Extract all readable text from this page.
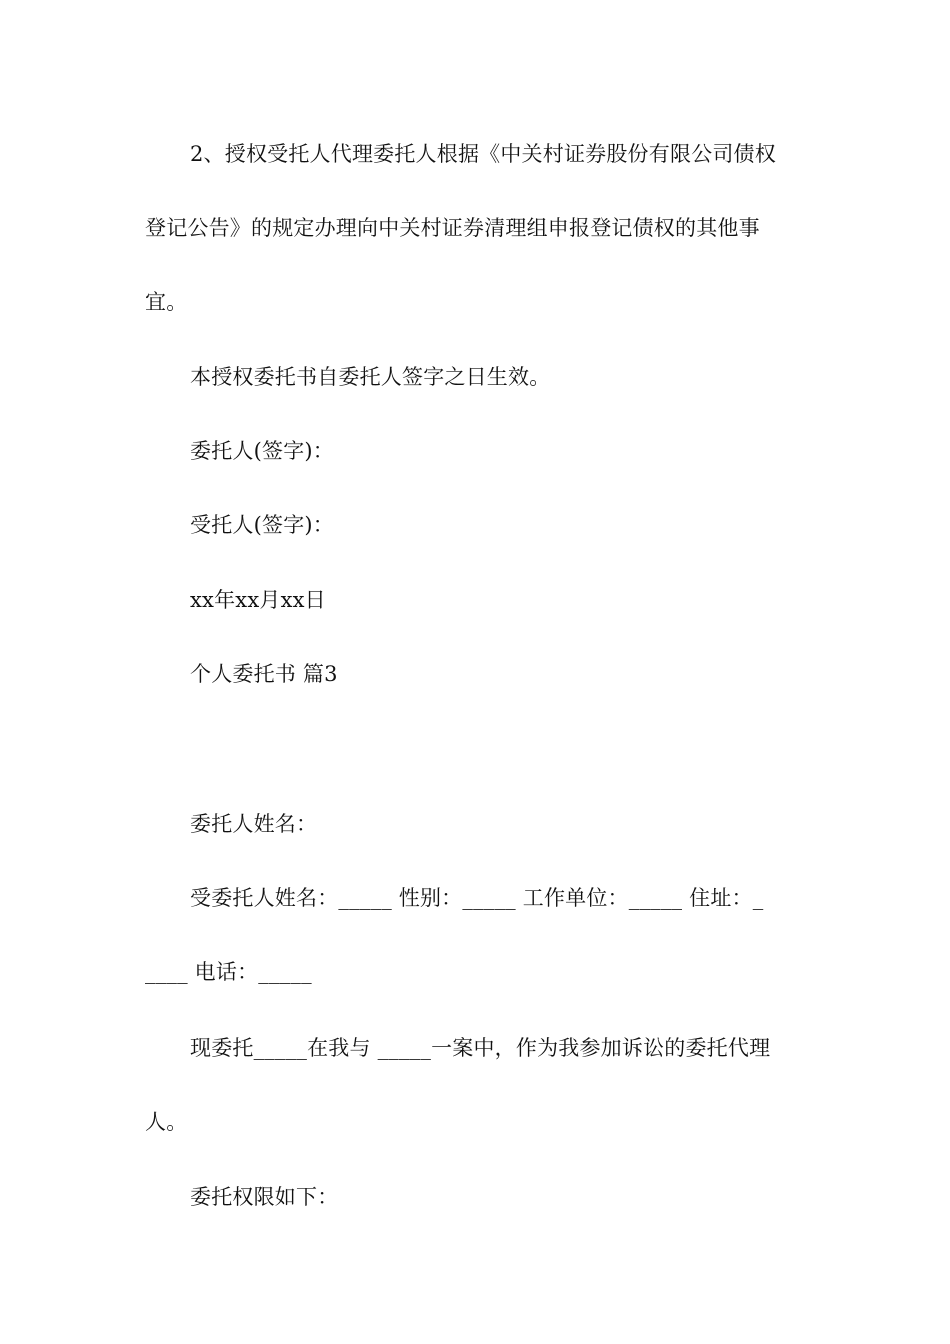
2、授权受托人代理委托人根据《中关村证券股份有限公司债权
登记公告》的规定办理向中关村证券清理组申报登记债权的其他事
宜。
本授权委托书自委托人签字之日生效。
委托人(签字)：
受托人(签字)：
xx年xx月xx日
个人委托书 篇3
委托人姓名：
受委托人姓名：_____ 性别：_____ 工作单位：_____ 住址：_
____ 电话：_____
现委托_____在我与 _____一案中，作为我参加诉讼的委托代理
人。
委托权限如下：
